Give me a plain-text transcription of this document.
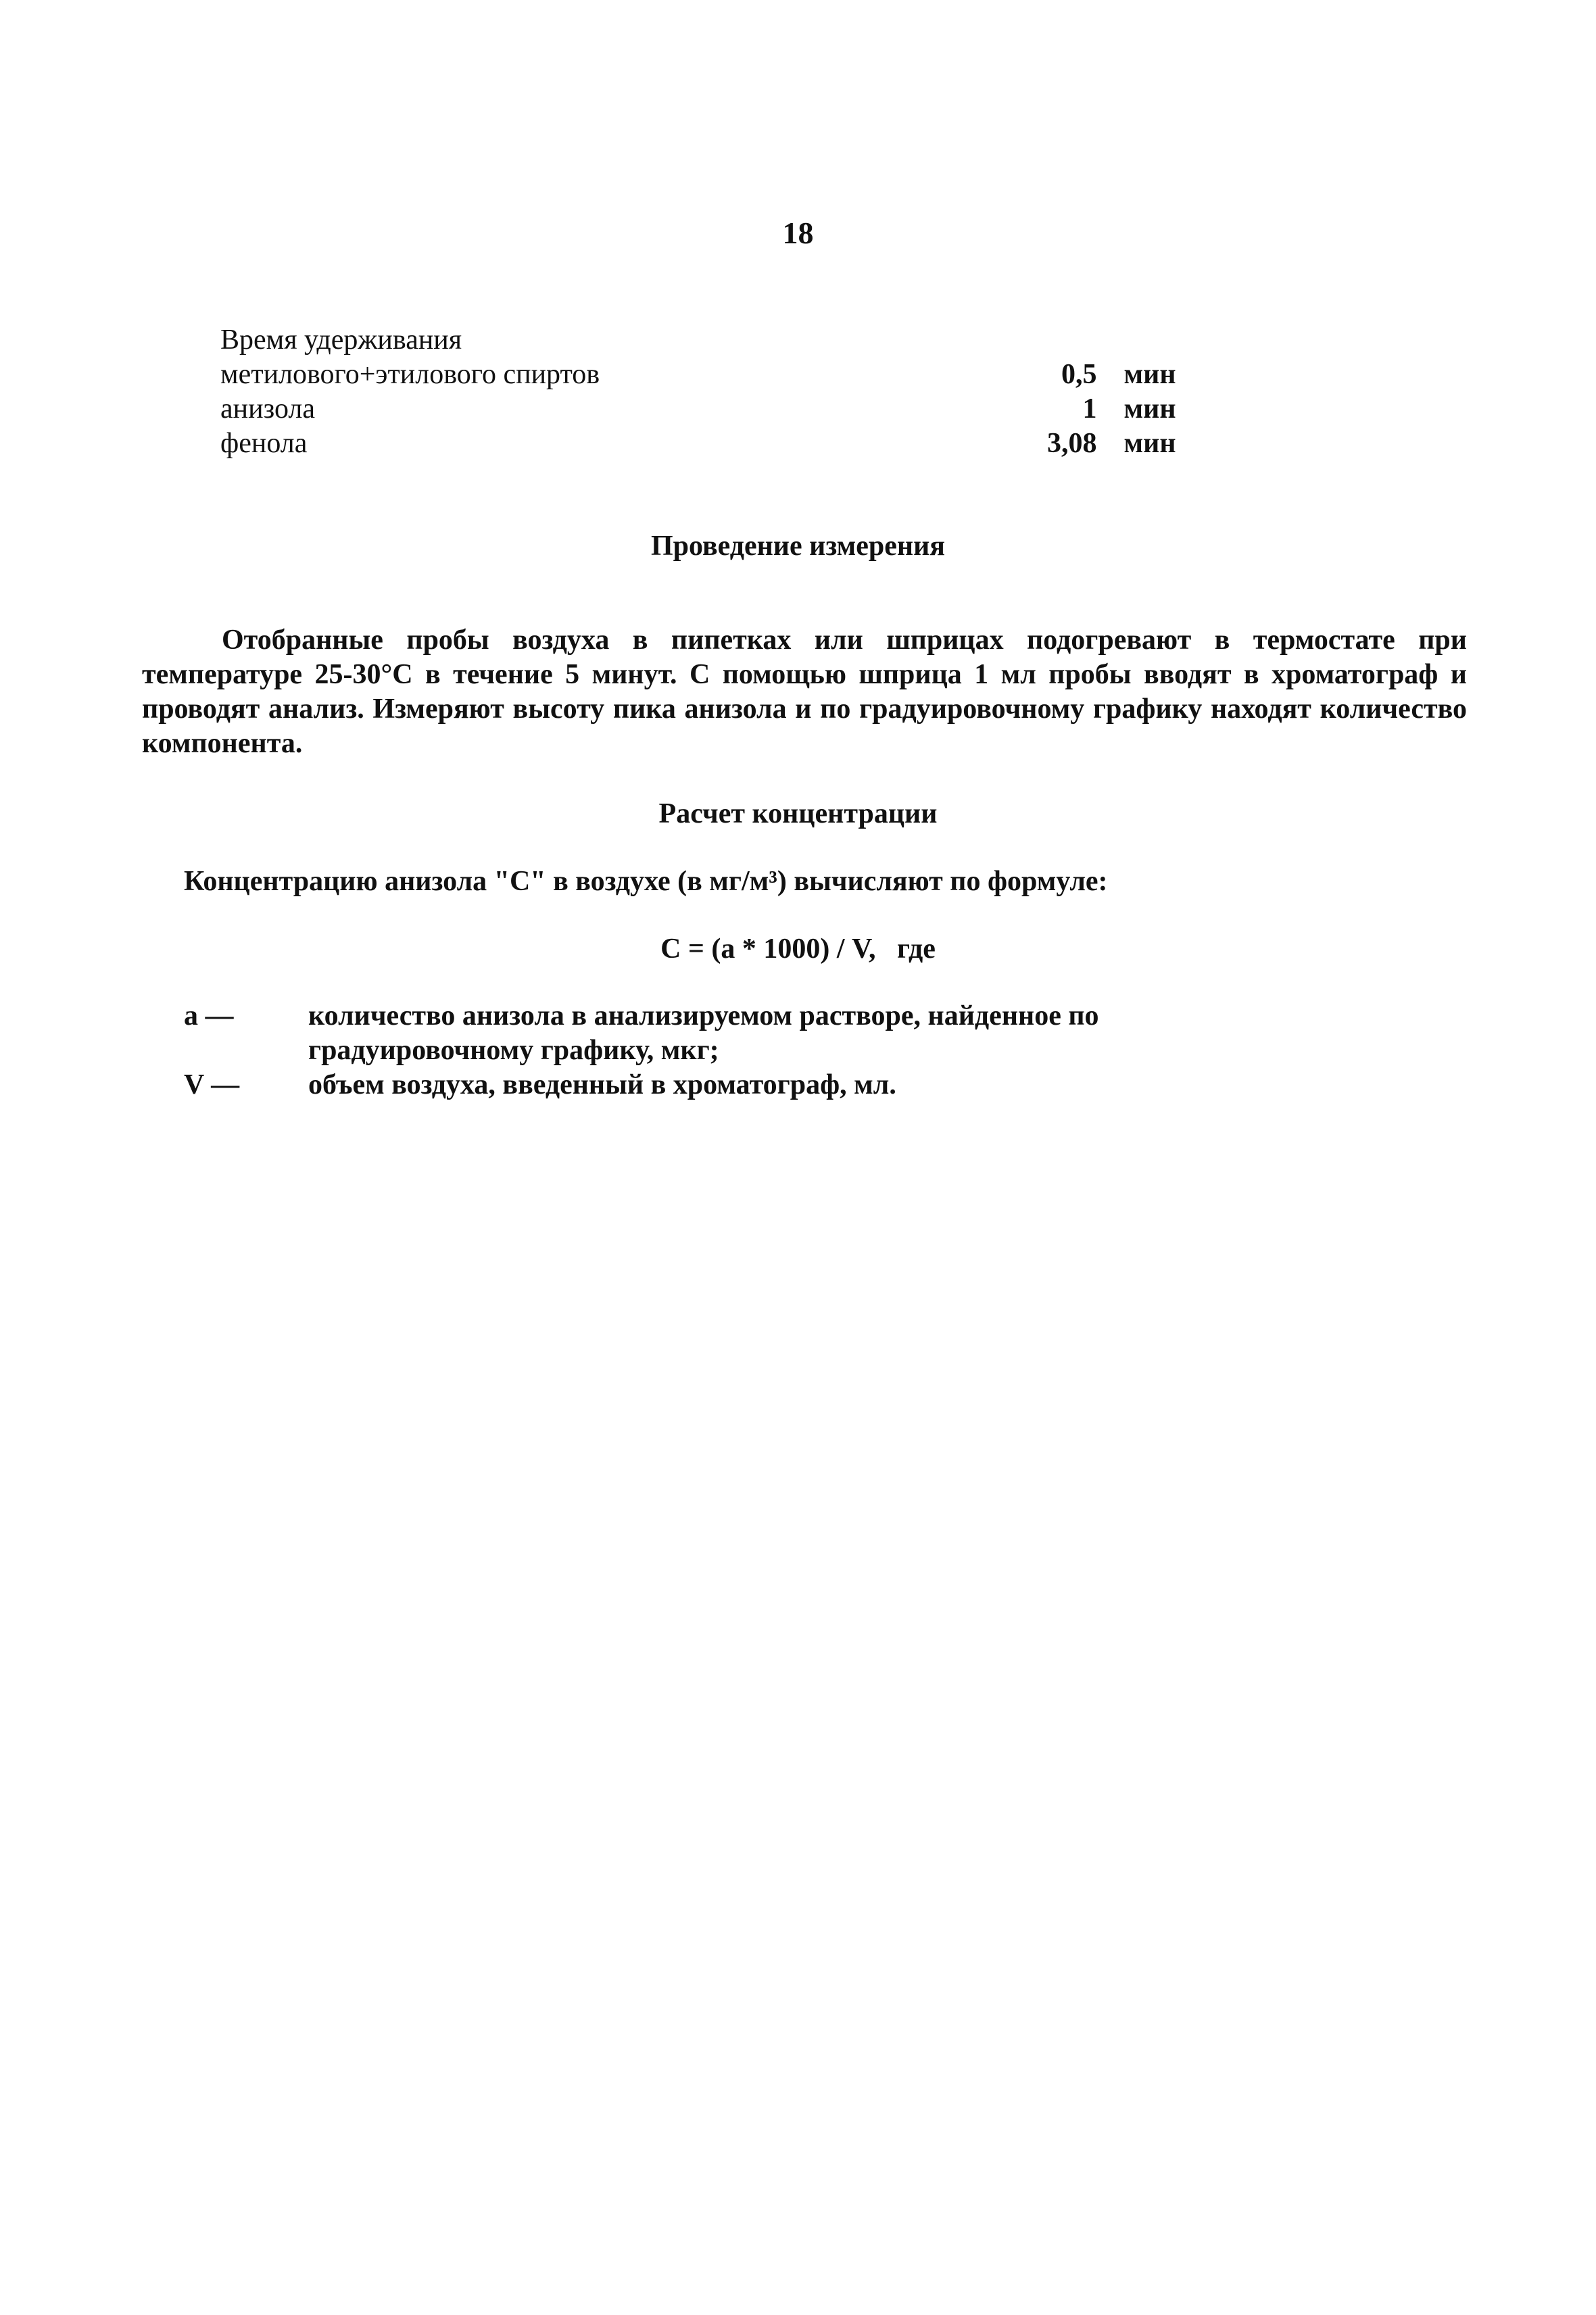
18
Время удерживания
метилового+этилового спиртов	0,5 мин
анизола	1 мин
фенола	3,08 мин
Проведение измерения

Отобранные пробы воздуха в пипетках или шприцах подогревают в термостате при температуре 25-30°С в течение 5 минут. С помощью шприца 1 мл пробы вводят в хроматограф и проводят анализ. Измеряют высоту пика анизола и по градуировочному графику находят количество компонента.

Расчет концентрации
Концентрацию анизола "С" в воздухе (в мг/м³) вычисляют по формуле:
С = (а * 1000) / V,   где
а —	количество анизола в анализируемом растворе, найденное по градуировочному графику, мкг;
V —	объем воздуха, введенный в хроматограф, мл.
